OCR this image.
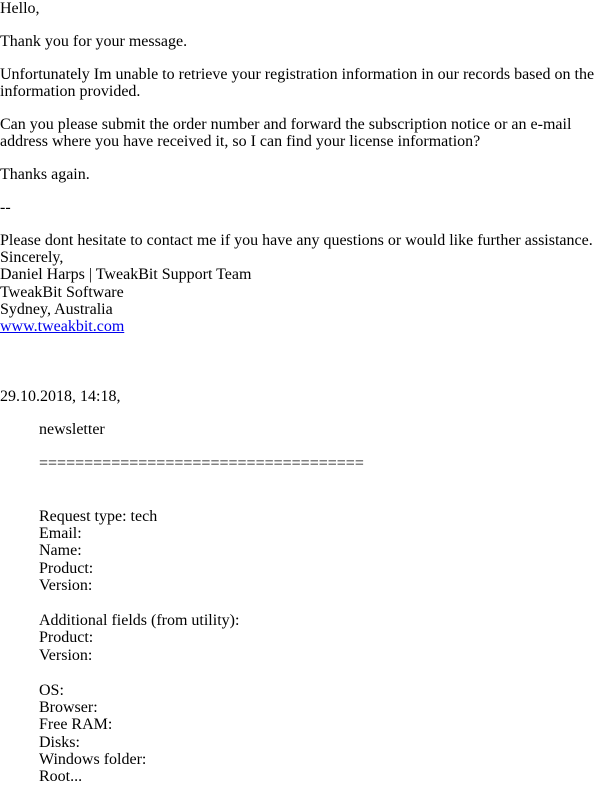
Hello,
Thank you for your message.
Unfortunately Im unable to retrieve your registration information in our records based on the
information provided.
Can you please submit the order number and forward the subscription notice or an e-mail
address where you have received it, so I can find your license information?
Thanks again.
--
Please dont hesitate to contact me if you have any questions or would like further assistance.
Sincerely,
Daniel Harps | TweakBit Support Team
TweakBit Software
Sydney, Australia
www.tweakbit.com
29.10.2018, 14:18,
newsletter
====================================
Request type: tech
Email:
Name:
Product:
Version:
Additional fields (from utility):
Product:
Version:
OS:
Browser:
Free RAM:
Disks:
Windows folder:
Root...
